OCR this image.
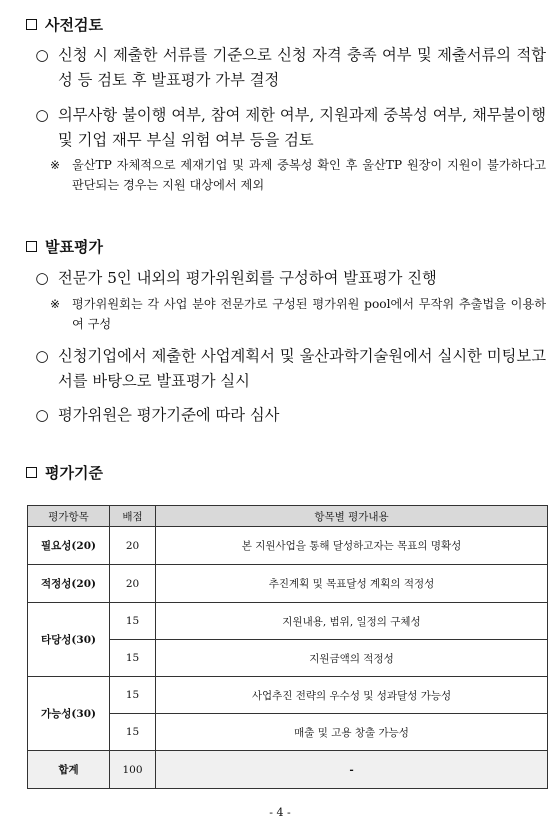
사전검토
○ 신청 시 제출한 서류를 기준으로 신청 자격 충족 여부 및 제출서류의 적합성 등 검토 후 발표평가 가부 결정
○ 의무사항 불이행 여부, 참여 제한 여부, 지원과제 중복성 여부, 채무불이행 및 기업 재무 부실 위험 여부 등을 검토
※ 울산TP 자체적으로 제재기업 및 과제 중복성 확인 후 울산TP 원장이 지원이 불가하다고 판단되는 경우는 지원 대상에서 제외
발표평가
○ 전문가 5인 내외의 평가위원회를 구성하여 발표평가 진행
※ 평가위원회는 각 사업 분야 전문가로 구성된 평가위원 pool에서 무작위 추출법을 이용하여 구성
○ 신청기업에서 제출한 사업계획서 및 울산과학기술원에서 실시한 미팅보고서를 바탕으로 발표평가 실시
○ 평가위원은 평가기준에 따라 심사
평가기준
평가항목	배점	항목별 평가내용
필요성(20)	20	본 지원사업을 통해 달성하고자는 목표의 명확성
적정성(20)	20	추진계획 및 목표달성 계획의 적정성
타당성(30)	15	지원내용, 범위, 일정의 구체성
	15	지원금액의 적정성
가능성(30)	15	사업추진 전략의 우수성 및 성과달성 가능성
	15	매출 및 고용 창출 가능성
합계	100	-
- 4 -
